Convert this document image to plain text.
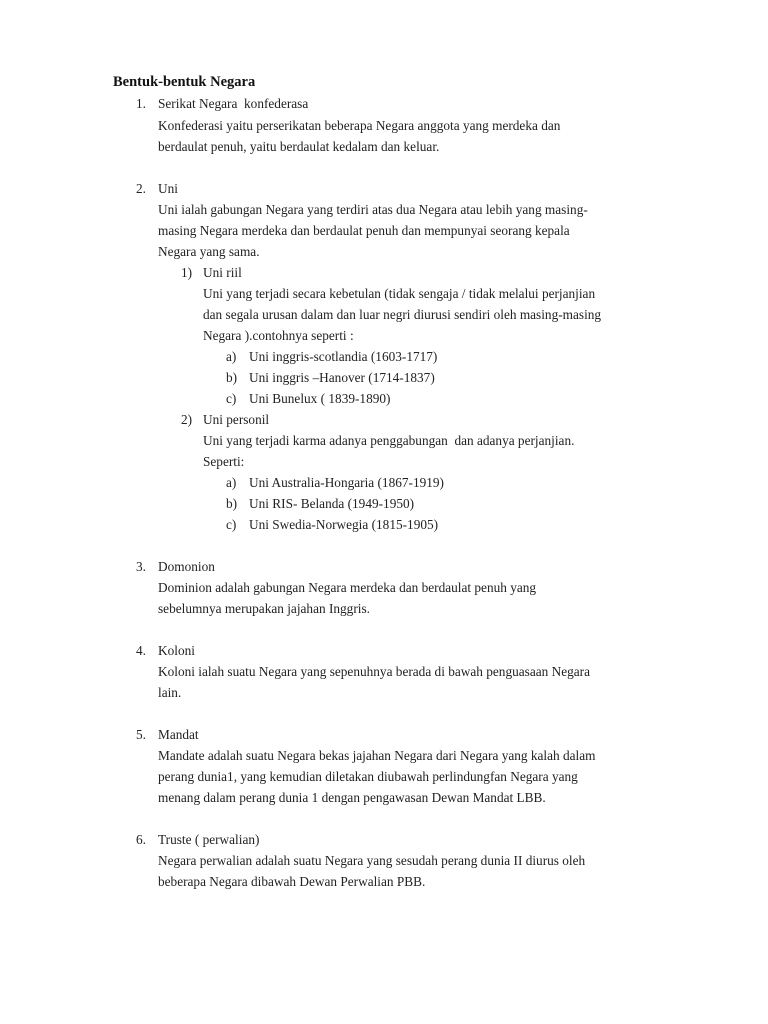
Bentuk-bentuk Negara
1. Serikat Negara  konfederasa
Konfederasi yaitu perserikatan beberapa Negara anggota yang merdeka dan
berdaulat penuh, yaitu berdaulat kedalam dan keluar.
2. Uni
Uni ialah gabungan Negara yang terdiri atas dua Negara atau lebih yang masing-
masing Negara merdeka dan berdaulat penuh dan mempunyai seorang kepala
Negara yang sama.
1) Uni riil
Uni yang terjadi secara kebetulan (tidak sengaja / tidak melalui perjanjian
dan segala urusan dalam dan luar negri diurusi sendiri oleh masing-masing
Negara ).contohnya seperti :
a) Uni inggris-scotlandia (1603-1717)
b) Uni inggris –Hanover (1714-1837)
c) Uni Bunelux ( 1839-1890)
2) Uni personil
Uni yang terjadi karma adanya penggabungan  dan adanya perjanjian.
Seperti:
a) Uni Australia-Hongaria (1867-1919)
b) Uni RIS- Belanda (1949-1950)
c) Uni Swedia-Norwegia (1815-1905)
3. Domonion
Dominion adalah gabungan Negara merdeka dan berdaulat penuh yang
sebelumnya merupakan jajahan Inggris.
4. Koloni
Koloni ialah suatu Negara yang sepenuhnya berada di bawah penguasaan Negara
lain.
5. Mandat
Mandate adalah suatu Negara bekas jajahan Negara dari Negara yang kalah dalam
perang dunia1, yang kemudian diletakan diubawah perlindungfan Negara yang
menang dalam perang dunia 1 dengan pengawasan Dewan Mandat LBB.
6. Truste ( perwalian)
Negara perwalian adalah suatu Negara yang sesudah perang dunia II diurus oleh
beberapa Negara dibawah Dewan Perwalian PBB.
